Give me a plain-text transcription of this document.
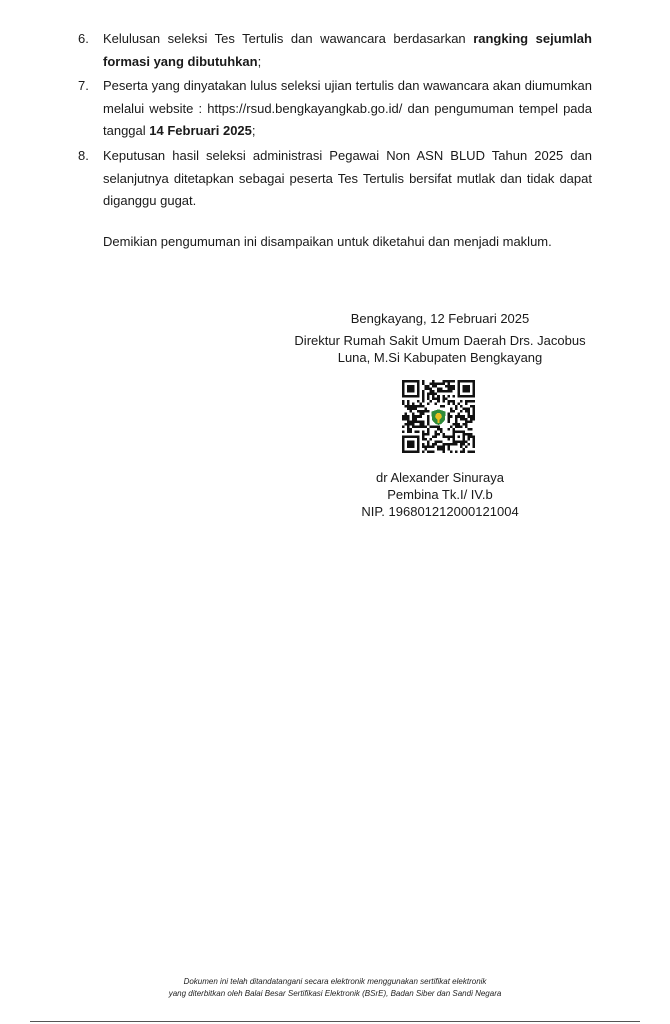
6. Kelulusan seleksi Tes Tertulis dan wawancara berdasarkan rangking sejumlah formasi yang dibutuhkan;
7. Peserta yang dinyatakan lulus seleksi ujian tertulis dan wawancara akan diumumkan melalui website : https://rsud.bengkayangkab.go.id/ dan pengumuman tempel pada tanggal 14 Februari 2025;
8. Keputusan hasil seleksi administrasi Pegawai Non ASN BLUD Tahun 2025 dan selanjutnya ditetapkan sebagai peserta Tes Tertulis bersifat mutlak dan tidak dapat diganggu gugat.
Demikian pengumuman ini disampaikan untuk diketahui dan menjadi maklum.
Bengkayang, 12 Februari 2025
Direktur Rumah Sakit Umum Daerah Drs. Jacobus
Luna, M.Si Kabupaten Bengkayang
dr Alexander Sinuraya
Pembina Tk.I/ IV.b
NIP. 196801212000121004
Dokumen ini telah ditandatangani secara elektronik menggunakan sertifikat elektronik
yang diterbitkan oleh Balai Besar Sertifikasi Elektronik (BSrE), Badan Siber dan Sandi Negara
